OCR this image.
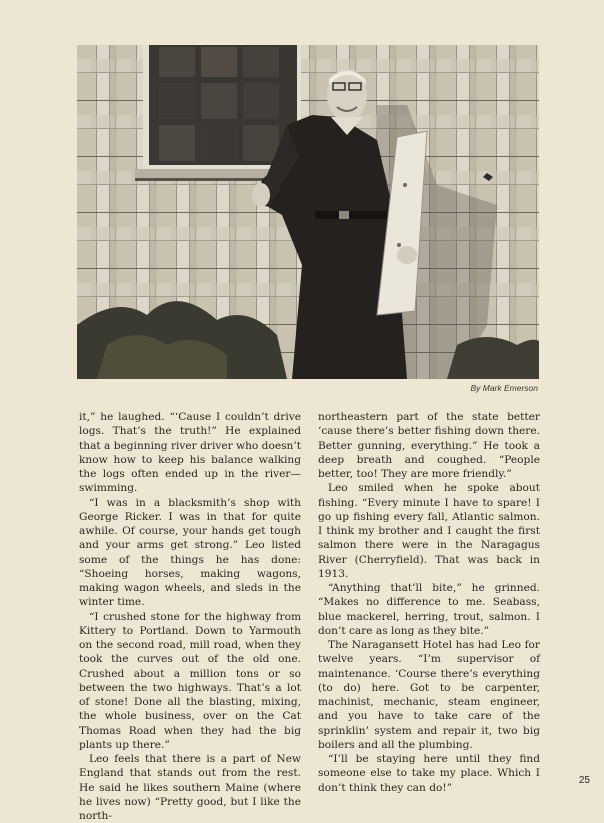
By Mark Emerson

it,” he laughed. “‘Cause I couldn’t drive logs. That’s the truth!” He explained that a beginning river driver who doesn’t know how to keep his balance walking the logs often ended up in the river—swimming.

“I was in a blacksmith’s shop with George Ricker. I was in that for quite awhile. Of course, your hands get tough and your arms get strong.” Leo listed some of the things he has done: “Shoeing horses, making wagons, making wagon wheels, and sleds in the winter time.

“I crushed stone for the highway from Kittery to Portland. Down to Yarmouth on the second road, mill road, when they took the curves out of the old one. Crushed about a million tons or so between the two highways. That’s a lot of stone! Done all the blasting, mixing, the whole business, over on the Cat Thomas Road when they had the big plants up there.”

Leo feels that there is a part of New England that stands out from the rest. He said he likes southern Maine (where he lives now) “Pretty good, but I like the north-

northeastern part of the state better ‘cause there’s better fishing down there. Better gunning, everything.” He took a deep breath and coughed. “People better, too! They are more friendly.”

Leo smiled when he spoke about fishing. “Every minute I have to spare! I go up fishing every fall, Atlantic salmon. I think my brother and I caught the first salmon there were in the Naragagus River (Cherryfield). That was back in 1913.

“Anything that’ll bite,” he grinned. “Makes no difference to me. Seabass, blue mackerel, herring, trout, salmon. I don’t care as long as they bite.”

The Naragansett Hotel has had Leo for twelve years. “I’m supervisor of maintenance. ‘Course there’s everything (to do) here. Got to be carpenter, machinist, mechanic, steam engineer, and you have to take care of the sprinklin’ system and repair it, two big boilers and all the plumbing.

“I’ll be staying here until they find someone else to take my place. Which I don’t think they can do!”

25
